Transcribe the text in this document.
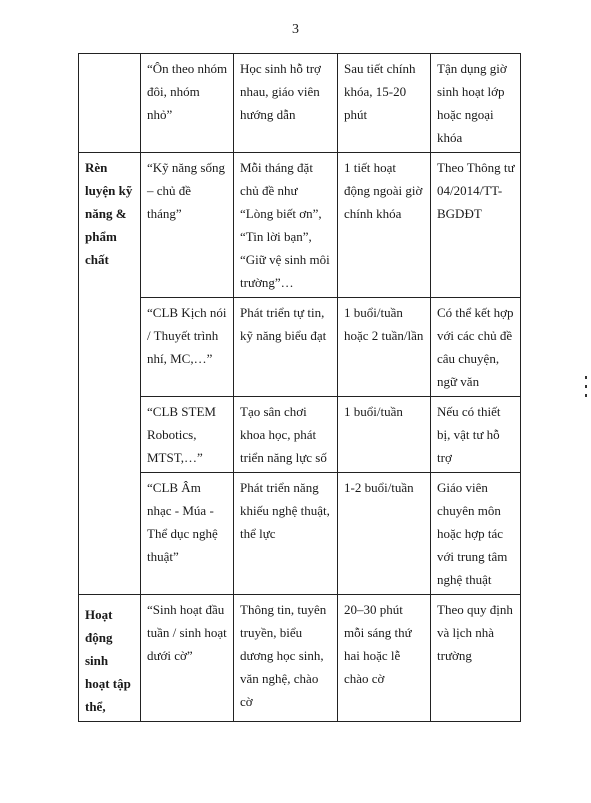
3
	“Ôn theo nhóm đôi, nhóm nhỏ”	Học sinh hỗ trợ nhau, giáo viên hướng dẫn	Sau tiết chính khóa, 15-20 phút	Tận dụng giờ sinh hoạt lớp hoặc ngoại khóa
Rèn luyện kỹ năng & phẩm chất	“Kỹ năng sống – chủ đề tháng”	Mỗi tháng đặt chủ đề như “Lòng biết ơn”, “Tin lời bạn”, “Giữ vệ sinh môi trường”…	1 tiết hoạt động ngoài giờ chính khóa	Theo Thông tư 04/2014/TT-BGDĐT
	“CLB Kịch nói / Thuyết trình nhí, MC,…”	Phát triển tự tin, kỹ năng biểu đạt	1 buổi/tuần hoặc 2 tuần/lần	Có thể kết hợp với các chủ đề câu chuyện, ngữ văn
	“CLB STEM Robotics, MTST,…”	Tạo sân chơi khoa học, phát triển năng lực số	1 buổi/tuần	Nếu có thiết bị, vật tư hỗ trợ
	“CLB Âm nhạc - Múa - Thể dục nghệ thuật”	Phát triển năng khiếu nghệ thuật, thể lực	1-2 buổi/tuần	Giáo viên chuyên môn hoặc hợp tác với trung tâm nghệ thuật
Hoạt động sinh hoạt tập thể,	“Sinh hoạt đầu tuần / sinh hoạt dưới cờ”	Thông tin, tuyên truyền, biểu dương học sinh, văn nghệ, chào cờ	20–30 phút mỗi sáng thứ hai hoặc lễ chào cờ	Theo quy định và lịch nhà trường
